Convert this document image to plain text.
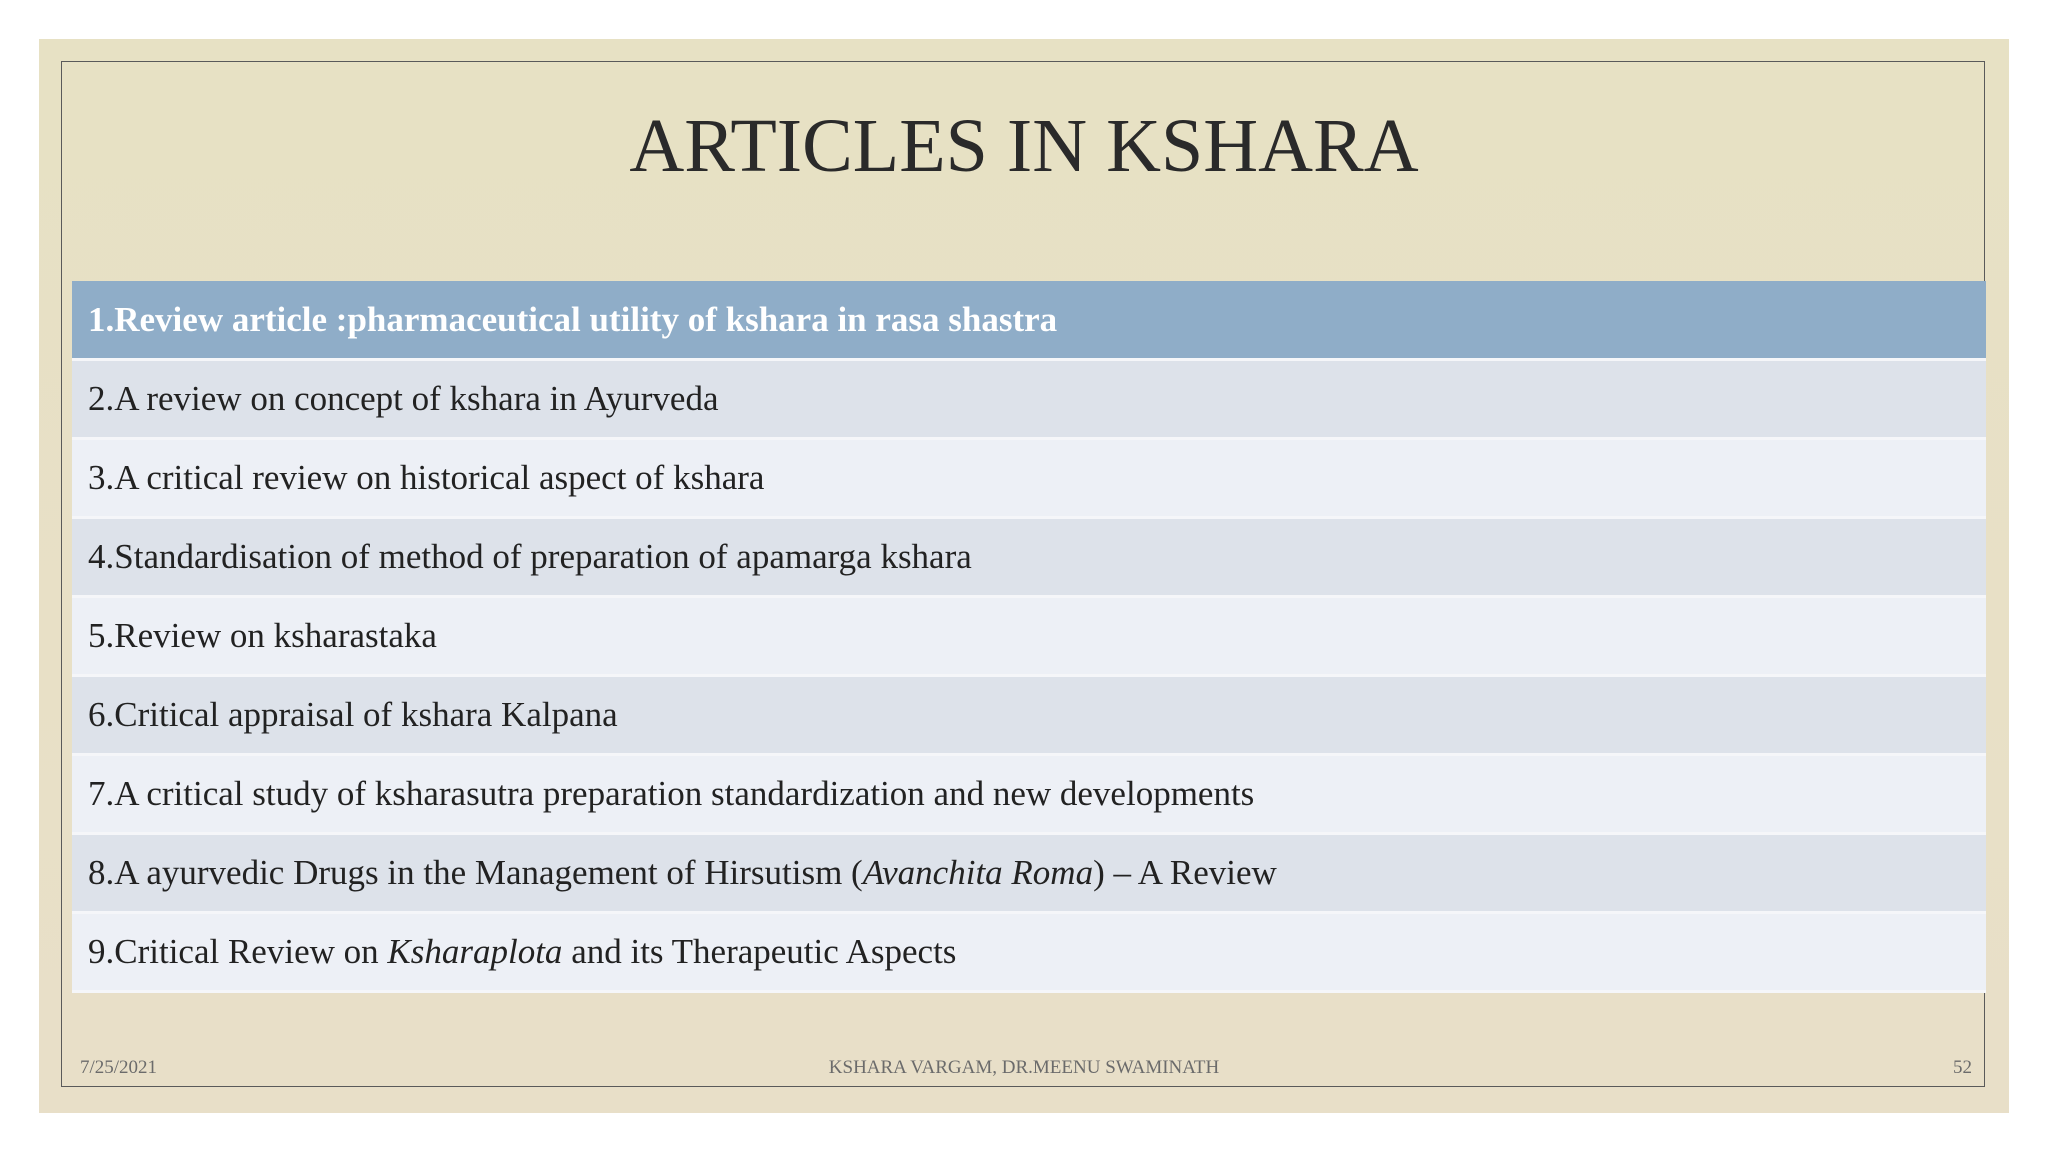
ARTICLES IN KSHARA
1.Review article :pharmaceutical utility of kshara in rasa shastra
2.A review on concept of kshara in Ayurveda
3.A critical review on historical aspect of kshara
4.Standardisation of method of preparation of apamarga kshara
5.Review on ksharastaka
6.Critical appraisal of kshara Kalpana
7.A critical study of ksharasutra preparation standardization and new developments
8.A ayurvedic Drugs in the Management of Hirsutism ( Avanchita Roma ) – A Review
9.Critical Review on Ksharaplota and its Therapeutic Aspects
7/25/2021	KSHARA VARGAM, DR.MEENU SWAMINATH	52
